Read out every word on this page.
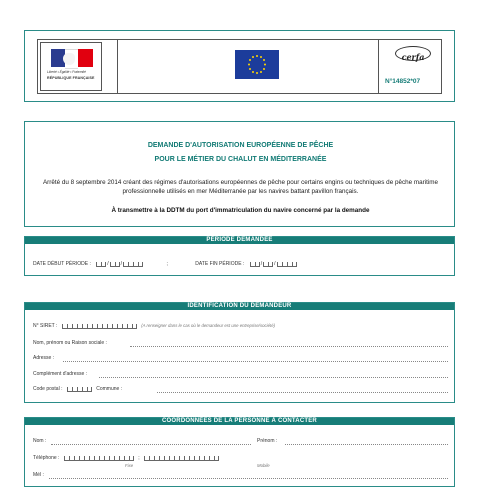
Liberté • Égalité • Fraternité
RÉPUBLIQUE FRANÇAISE
cerfa
N°14852*07
DEMANDE D'AUTORISATION EUROPÉENNE DE PÊCHE
POUR LE MÉTIER DU CHALUT EN MÉDITERRANÉE
Arrêté du 8 septembre 2014 créant des régimes d'autorisations européennes de pêche pour certains engins ou techniques de pêche maritime professionnelle utilisés en mer Méditerranée par les navires battant pavillon français.
À transmettre à la DDTM du port d'immatriculation du navire concerné par la demande
PÉRIODE DEMANDÉE
DATE DÉBUT PÉRIODE :	/ /	;	DATE FIN PÉRIODE :	/ /
IDENTIFICATION DU DEMANDEUR
N° SIRET :	(A renseigner dans le cas où le demandeur est une entreprise/société)
Nom, prénom ou Raison sociale :
Adresse :
Complément d'adresse :
Code postal :	Commune :
COORDONNÉES DE LA PERSONNE À CONTACTER
Nom :	Prénom :
Téléphone :	;
Fixe	Mobile
Mél :
